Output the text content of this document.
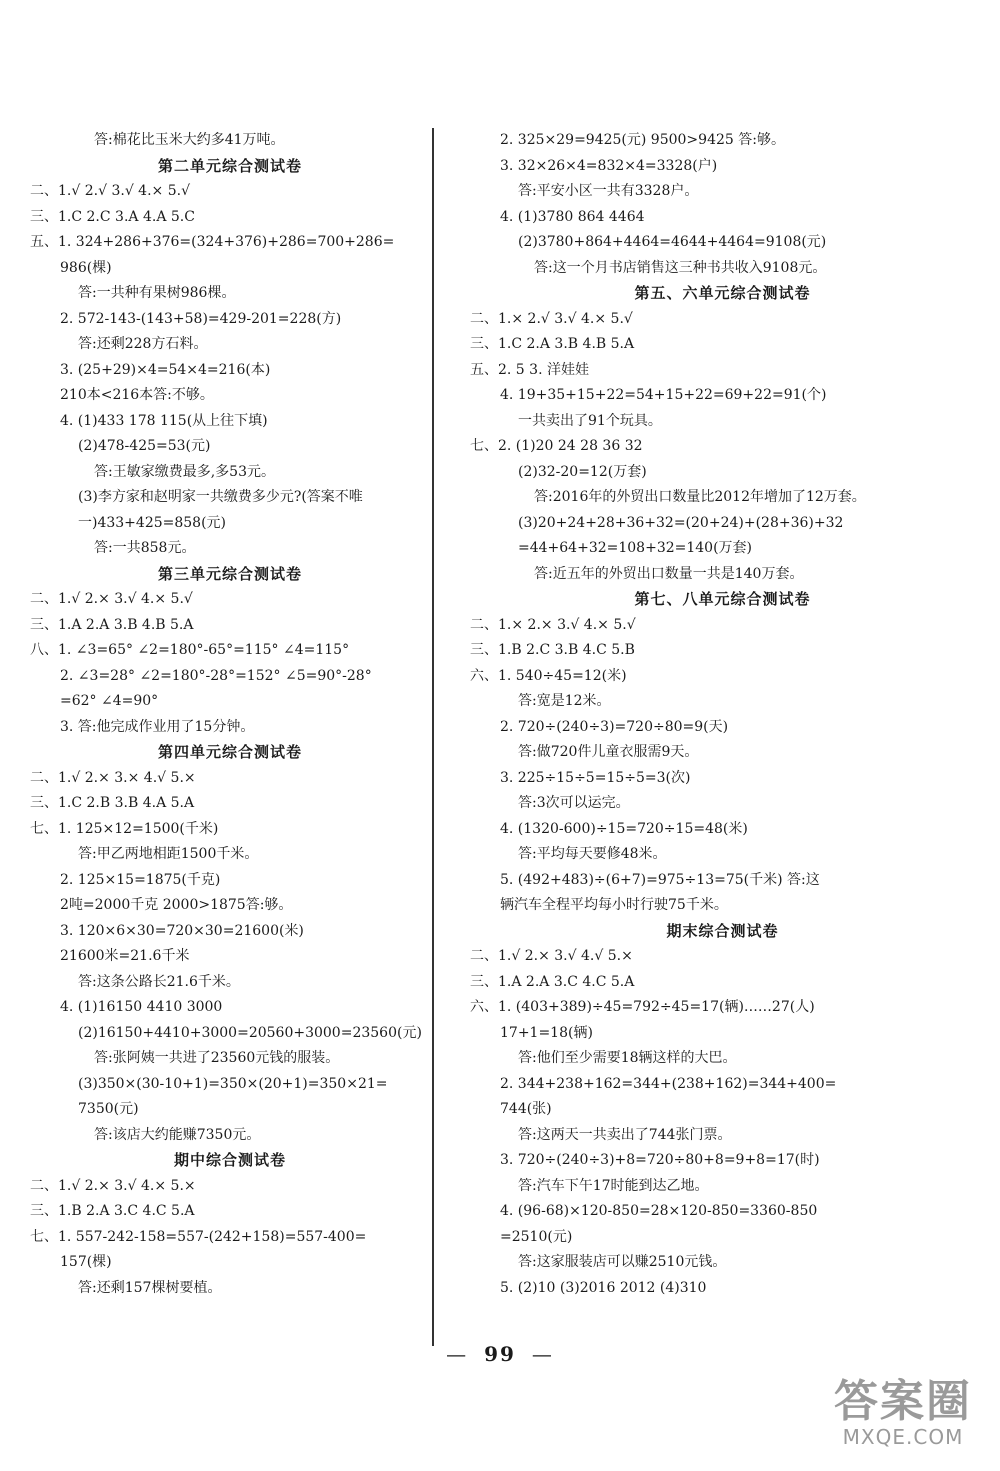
答:棉花比玉米大约多41万吨。
第二单元综合测试卷
二、1.√ 2.√ 3.√ 4.× 5.√
三、1.C 2.C 3.A 4.A 5.C
五、1. 324+286+376=(324+376)+286=700+286=
986(棵)
答:一共种有果树986棵。
2. 572-143-(143+58)=429-201=228(方)
答:还剩228方石料。
3. (25+29)×4=54×4=216(本)
210本<216本答:不够。
4. (1)433 178 115(从上往下填)
(2)478-425=53(元)
答:王敏家缴费最多,多53元。
(3)李方家和赵明家一共缴费多少元?(答案不唯
一)433+425=858(元)
答:一共858元。
第三单元综合测试卷
二、1.√ 2.× 3.√ 4.× 5.√
三、1.A 2.A 3.B 4.B 5.A
八、1. ∠3=65° ∠2=180°-65°=115° ∠4=115°
2. ∠3=28° ∠2=180°-28°=152° ∠5=90°-28°
=62° ∠4=90°
3. 答:他完成作业用了15分钟。
第四单元综合测试卷
二、1.√ 2.× 3.× 4.√ 5.×
三、1.C 2.B 3.B 4.A 5.A
七、1. 125×12=1500(千米)
答:甲乙两地相距1500千米。
2. 125×15=1875(千克)
2吨=2000千克 2000>1875答:够。
3. 120×6×30=720×30=21600(米)
21600米=21.6千米
答:这条公路长21.6千米。
4. (1)16150 4410 3000
(2)16150+4410+3000=20560+3000=23560(元)
答:张阿姨一共进了23560元钱的服装。
(3)350×(30-10+1)=350×(20+1)=350×21=
7350(元)
答:该店大约能赚7350元。
期中综合测试卷
二、1.√ 2.× 3.√ 4.× 5.×
三、1.B 2.A 3.C 4.C 5.A
七、1. 557-242-158=557-(242+158)=557-400=
157(棵)
答:还剩157棵树要植。
2. 325×29=9425(元) 9500>9425 答:够。
3. 32×26×4=832×4=3328(户)
答:平安小区一共有3328户。
4. (1)3780 864 4464
(2)3780+864+4464=4644+4464=9108(元)
答:这一个月书店销售这三种书共收入9108元。
第五、六单元综合测试卷
二、1.× 2.√ 3.√ 4.× 5.√
三、1.C 2.A 3.B 4.B 5.A
五、2. 5 3. 洋娃娃
4. 19+35+15+22=54+15+22=69+22=91(个)
一共卖出了91个玩具。
七、2. (1)20 24 28 36 32
(2)32-20=12(万套)
答:2016年的外贸出口数量比2012年增加了12万套。
(3)20+24+28+36+32=(20+24)+(28+36)+32
=44+64+32=108+32=140(万套)
答:近五年的外贸出口数量一共是140万套。
第七、八单元综合测试卷
二、1.× 2.× 3.√ 4.× 5.√
三、1.B 2.C 3.B 4.C 5.B
六、1. 540÷45=12(米)
答:宽是12米。
2. 720÷(240÷3)=720÷80=9(天)
答:做720件儿童衣服需9天。
3. 225÷15÷5=15÷5=3(次)
答:3次可以运完。
4. (1320-600)÷15=720÷15=48(米)
答:平均每天要修48米。
5. (492+483)÷(6+7)=975÷13=75(千米) 答:这
辆汽车全程平均每小时行驶75千米。
期末综合测试卷
二、1.√ 2.× 3.√ 4.√ 5.×
三、1.A 2.A 3.C 4.C 5.A
六、1. (403+389)÷45=792÷45=17(辆)……27(人)
17+1=18(辆)
答:他们至少需要18辆这样的大巴。
2. 344+238+162=344+(238+162)=344+400=
744(张)
答:这两天一共卖出了744张门票。
3. 720÷(240÷3)+8=720÷80+8=9+8=17(时)
答:汽车下午17时能到达乙地。
4. (96-68)×120-850=28×120-850=3360-850
=2510(元)
答:这家服装店可以赚2510元钱。
5. (2)10 (3)2016 2012 (4)310
— 99 —
答案圈
MXQE.COM
